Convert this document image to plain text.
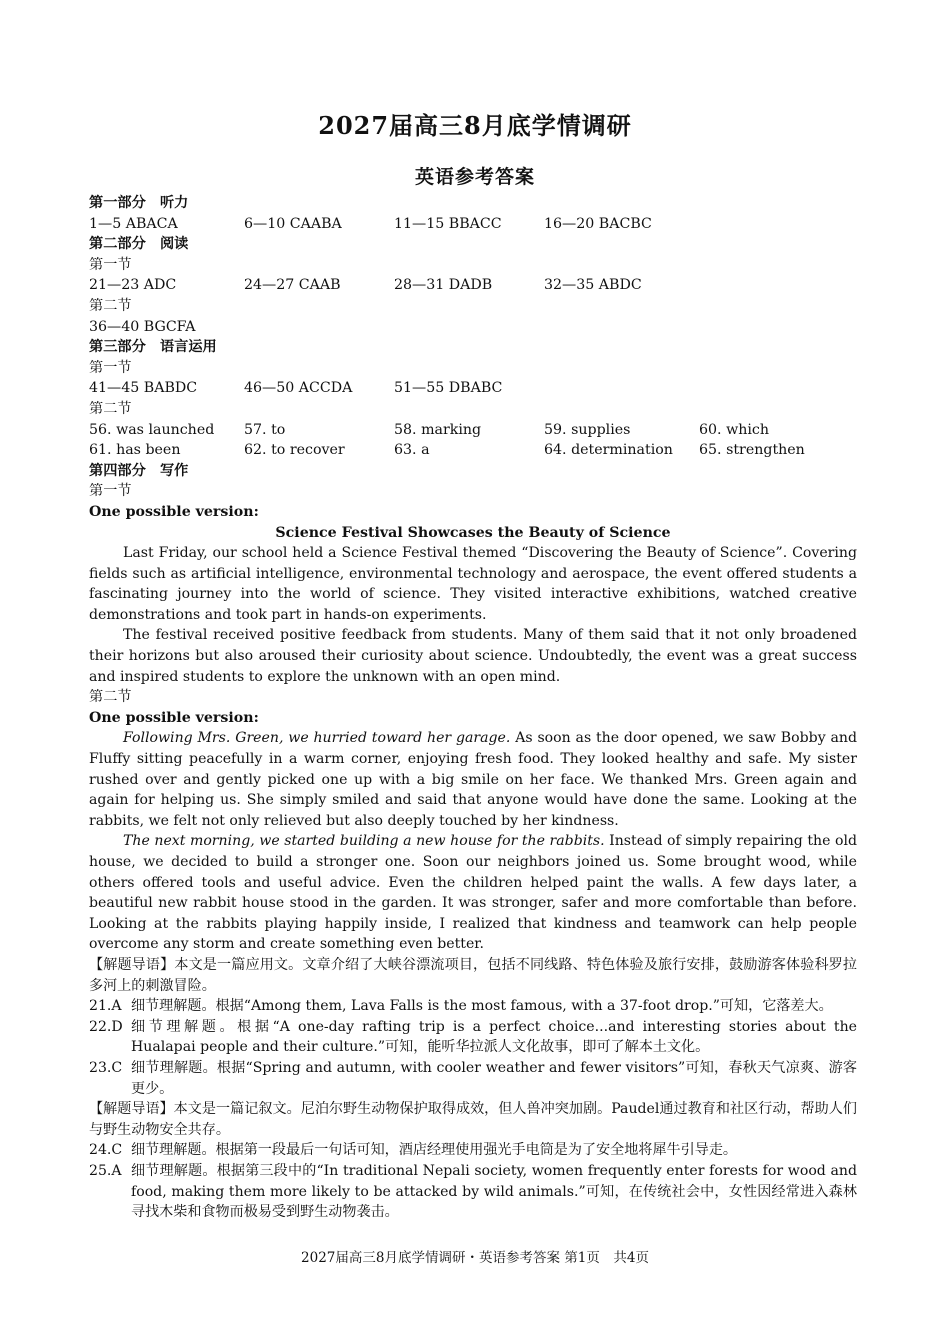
2027届高三8月底学情调研
英语参考答案
第一部分　听力
1—5 ABACA	6—10 CAABA	11—15 BBACC	16—20 BACBC
第二部分　阅读
第一节
21—23 ADC	24—27 CAAB	28—31 DADB	32—35 ABDC
第二节
36—40 BGCFA
第三部分　语言运用
第一节
41—45 BABDC	46—50 ACCDA	51—55 DBABC
第二节
56. was launched	57. to	58. marking	59. supplies	60. which
61. has been	62. to recover	63. a	64. determination	65. strengthen
第四部分　写作
第一节
One possible version:
Science Festival Showcases the Beauty of Science

Last Friday, our school held a Science Festival themed “Discovering the Beauty of Science”. Covering fields such as artificial intelligence, environmental technology and aerospace, the event offered students a fascinating journey into the world of science. They visited interactive exhibitions, watched creative demonstrations and took part in hands-on experiments.

The festival received positive feedback from students. Many of them said that it not only broadened their horizons but also aroused their curiosity about science. Undoubtedly, the event was a great success and inspired students to explore the unknown with an open mind.

第二节
One possible version:

Following Mrs. Green, we hurried toward her garage. As soon as the door opened, we saw Bobby and Fluffy sitting peacefully in a warm corner, enjoying fresh food. They looked healthy and safe. My sister rushed over and gently picked one up with a big smile on her face. We thanked Mrs. Green again and again for helping us. She simply smiled and said that anyone would have done the same. Looking at the rabbits, we felt not only relieved but also deeply touched by her kindness.

The next morning, we started building a new house for the rabbits. Instead of simply repairing the old house, we decided to build a stronger one. Soon our neighbors joined us. Some brought wood, while others offered tools and useful advice. Even the children helped paint the walls. A few days later, a beautiful new rabbit house stood in the garden. It was stronger, safer and more comfortable than before. Looking at the rabbits playing happily inside, I realized that kindness and teamwork can help people overcome any storm and create something even better.

【解题导语】本文是一篇应用文。文章介绍了大峡谷漂流项目，包括不同线路、特色体验及旅行安排，鼓励游客体验科罗拉多河上的刺激冒险。

21.A 细节理解题。根据“Among them, Lava Falls is the most famous, with a 37-foot drop.”可知，它落差大。
22.D 细节理解题。根据“A one-day rafting trip is a perfect choice...and interesting stories about the Hualapai people and their culture.”可知，能听华拉派人文化故事，即可了解本土文化。
23.C 细节理解题。根据“Spring and autumn, with cooler weather and fewer visitors”可知，春秋天气凉爽、游客更少。

【解题导语】本文是一篇记叙文。尼泊尔野生动物保护取得成效，但人兽冲突加剧。Paudel通过教育和社区行动，帮助人们与野生动物安全共存。

24.C 细节理解题。根据第一段最后一句话可知，酒店经理使用强光手电筒是为了安全地将犀牛引导走。
25.A 细节理解题。根据第三段中的“In traditional Nepali society, women frequently enter forests for wood and food, making them more likely to be attacked by wild animals.”可知，在传统社会中，女性因经常进入森林寻找木柴和食物而极易受到野生动物袭击。
2027届高三8月底学情调研・英语参考答案 第1页　共4页
